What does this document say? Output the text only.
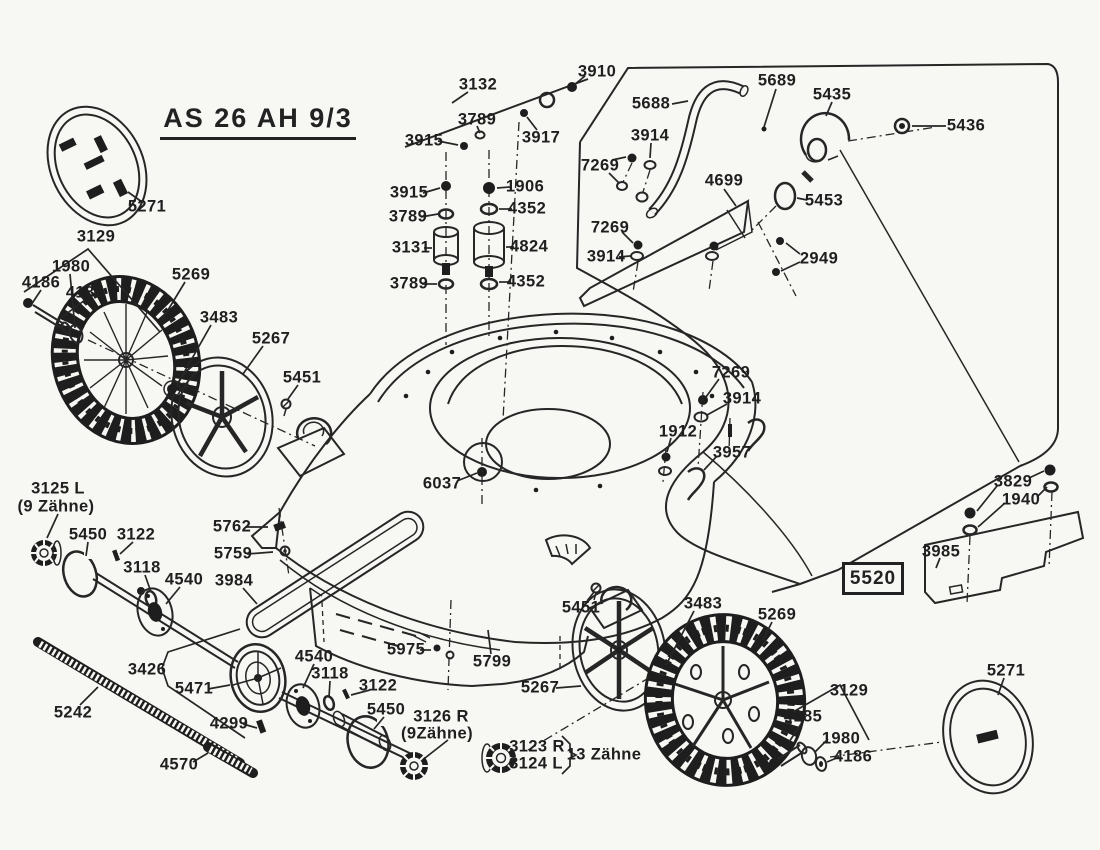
3910
3132	5689
5688	5435
3789
3917
5436
3915	3914
7269
4699
5453
1906
3915
4352
3789
7269
3131	4824
2949
3914
3789	4352
5271
3129
1980
4186
4185
5269
3483
5267
5451	7269
3914
1912
3957
6037	3829
1940
3985
3125 L
(9 Zähne)
5450 3122
3118
4540
5762
5759
3984
3426
5471
5242
4299
4570
4540
3118
3122
5450 3126 R
(9Zähne)
5975
5799
5451
3123 R
3124 L 13 Zähne
5267
3483
5269
4185
3129
1980
4186
5271
AS 26 AH 9/3
5520
